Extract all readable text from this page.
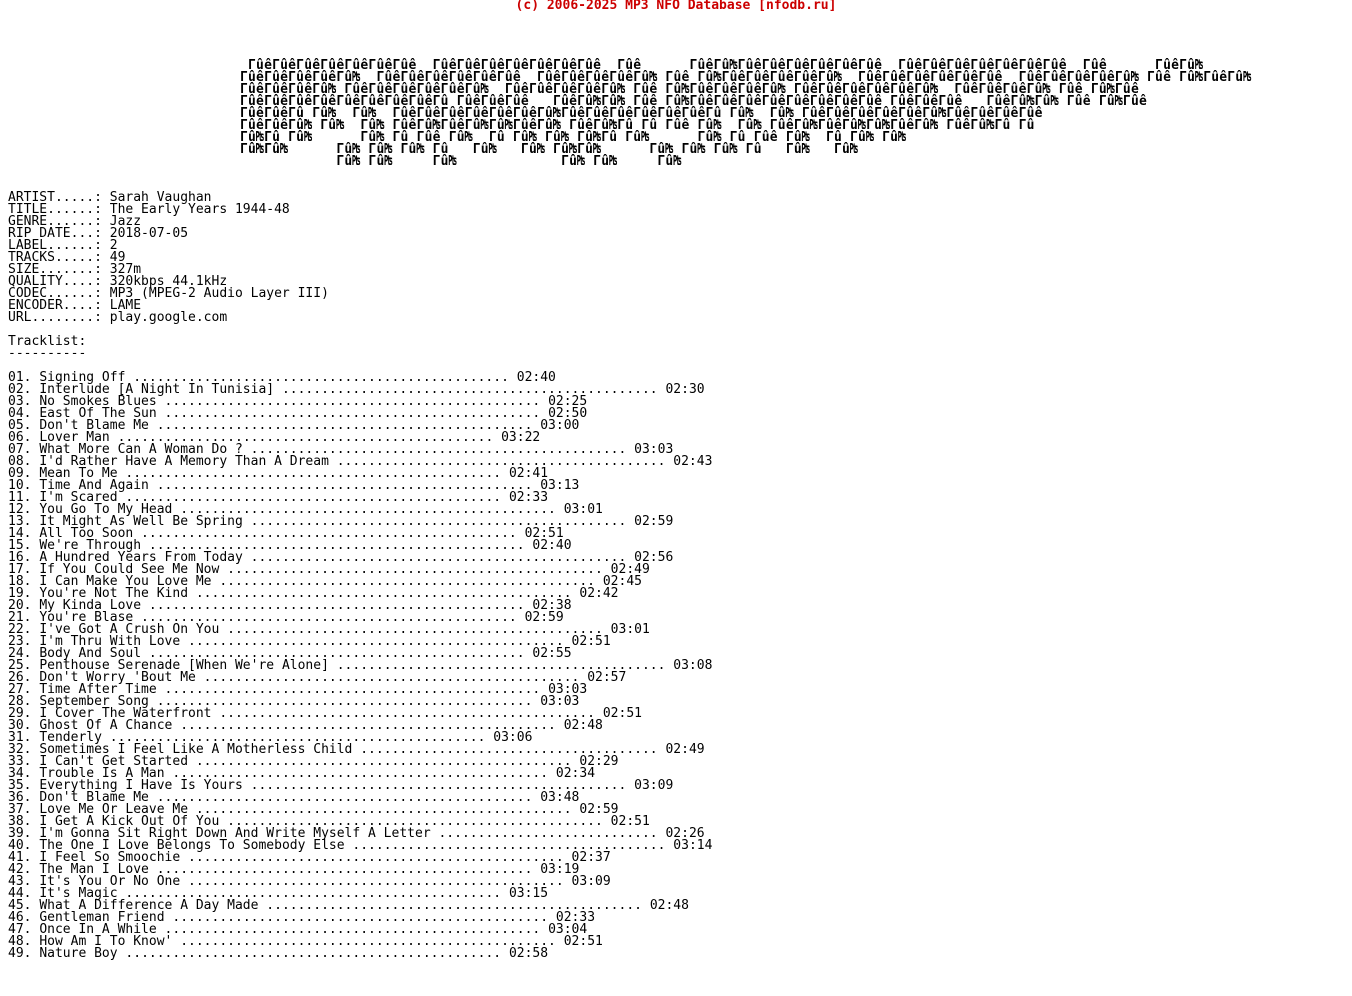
(c) 2006-2025 MP3 NFO Database [nfodb.ru]
ΓûêΓûêΓûêΓûêΓûêΓûêΓûê  ΓûêΓûêΓûêΓûêΓûêΓûêΓûê  Γûê      ΓûêΓû₧ΓûêΓûêΓûêΓûêΓûêΓûê  ΓûêΓûêΓûêΓûêΓûêΓûêΓûê  Γûê      ΓûêΓû₧
ΓûêΓûêΓûêΓûêΓû₧  ΓûêΓûêΓûêΓûêΓûêΓûê  ΓûêΓûêΓûêΓûêΓû₧ Γûê Γû₧ΓûêΓûêΓûêΓûêΓû₧  ΓûêΓûêΓûêΓûêΓûêΓûê  ΓûêΓûêΓûêΓûêΓû₧ Γûê Γû₧ΓûêΓû₧
ΓûêΓûêΓûêΓû₧ ΓûêΓûêΓûêΓûêΓûêΓû₧  ΓûêΓûêΓûêΓûêΓû₧ Γûê Γû₧ΓûêΓûêΓûêΓû₧ ΓûêΓûêΓûêΓûêΓûêΓû₧  ΓûêΓûêΓûêΓû₧ Γûê Γû₧Γûê
ΓûêΓûêΓûêΓûêΓûêΓûêΓûêΓûêΓû ΓûêΓûêΓûê   ΓûêΓû₧Γû₧ Γûê Γû₧ΓûêΓûêΓûêΓûêΓûêΓûêΓûêΓûê ΓûêΓûêΓûê   ΓûêΓû₧Γû₧ Γûê Γû₧Γûê
ΓûêΓûêΓû Γû₧  Γû₧  ΓûêΓûêΓûêΓûêΓûêΓûêΓû₧ΓûêΓûêΓûêΓûêΓûêΓûêΓû Γû₧  Γû₧ ΓûêΓûêΓûêΓûêΓûêΓû₧ΓûêΓûêΓûêΓûê
ΓûêΓûêΓû₧ Γû₧  Γû₧ ΓûêΓû₧ΓûêΓû₧Γû₧ΓûêΓû₧ ΓûêΓû₧Γû Γû Γûê Γû₧  Γû₧ ΓûêΓû₧ΓûêΓû₧Γû₧ΓûêΓû₧ ΓûêΓû₧Γû Γû
Γû₧Γû Γû₧      Γû₧ Γû Γûê Γû₧  Γû Γû₧ Γû₧ Γû₧Γû Γû₧      Γû₧ Γû Γûê Γû₧  Γû Γû₧ Γû₧
Γû₧Γû₧      Γû₧ Γû₧ Γû₧ Γû   Γû₧   Γû₧ Γû₧Γû₧      Γû₧ Γû₧ Γû₧ Γû   Γû₧   Γû₧
Γû₧ Γû₧     Γû₧             Γû₧ Γû₧     Γû₧
ARTIST.....: Sarah Vaughan
TITLE......: The Early Years 1944-48
GENRE......: Jazz
RIP DATE...: 2018-07-05
LABEL......: 2
TRACKS.....: 49
SIZE.......: 327m
QUALITY....: 320kbps 44.1kHz
CODEC......: MP3 (MPEG-2 Audio Layer III)
ENCODER....: LAME
URL........: play.google.com
Tracklist:
----------
01. Signing Off ................................................ 02:40
02. Interlude [A Night In Tunisia] ................................................ 02:30
03. No Smokes Blues ................................................ 02:25
04. East Of The Sun ................................................ 02:50
05. Don't Blame Me ................................................ 03:00
06. Lover Man ................................................ 03:22
07. What More Can A Woman Do ? ................................................ 03:03
08. I'd Rather Have A Memory Than A Dream .......................................... 02:43
09. Mean To Me ................................................ 02:41
10. Time And Again ................................................ 03:13
11. I'm Scared ................................................ 02:33
12. You Go To My Head ................................................ 03:01
13. It Might As Well Be Spring ................................................ 02:59
14. All Too Soon ................................................ 02:51
15. We're Through ................................................ 02:40
16. A Hundred Years From Today ................................................ 02:56
17. If You Could See Me Now ................................................ 02:49
18. I Can Make You Love Me ................................................ 02:45
19. You're Not The Kind ................................................ 02:42
20. My Kinda Love ................................................ 02:38
21. You're Blase ................................................ 02:59
22. I've Got A Crush On You ................................................ 03:01
23. I'm Thru With Love ................................................ 02:51
24. Body And Soul ................................................ 02:55
25. Penthouse Serenade [When We're Alone] .......................................... 03:08
26. Don't Worry 'Bout Me ................................................ 02:57
27. Time After Time ................................................ 03:03
28. September Song ................................................ 03:03
29. I Cover The Waterfront ................................................ 02:51
30. Ghost Of A Chance ................................................ 02:48
31. Tenderly ................................................ 03:06
32. Sometimes I Feel Like A Motherless Child ...................................... 02:49
33. I Can't Get Started ................................................ 02:29
34. Trouble Is A Man ................................................ 02:34
35. Everything I Have Is Yours ................................................ 03:09
36. Don't Blame Me ................................................ 03:48
37. Love Me Or Leave Me ................................................ 02:59
38. I Get A Kick Out Of You ................................................ 02:51
39. I'm Gonna Sit Right Down And Write Myself A Letter ............................ 02:26
40. The One I Love Belongs To Somebody Else ........................................ 03:14
41. I Feel So Smoochie ................................................ 02:37
42. The Man I Love ................................................ 03:19
43. It's You Or No One ................................................ 03:09
44. It's Magic ................................................ 03:15
45. What A Difference A Day Made ................................................ 02:48
46. Gentleman Friend ................................................ 02:33
47. Once In A While ................................................ 03:04
48. How Am I To Know' ................................................ 02:51
49. Nature Boy ................................................ 02:58
